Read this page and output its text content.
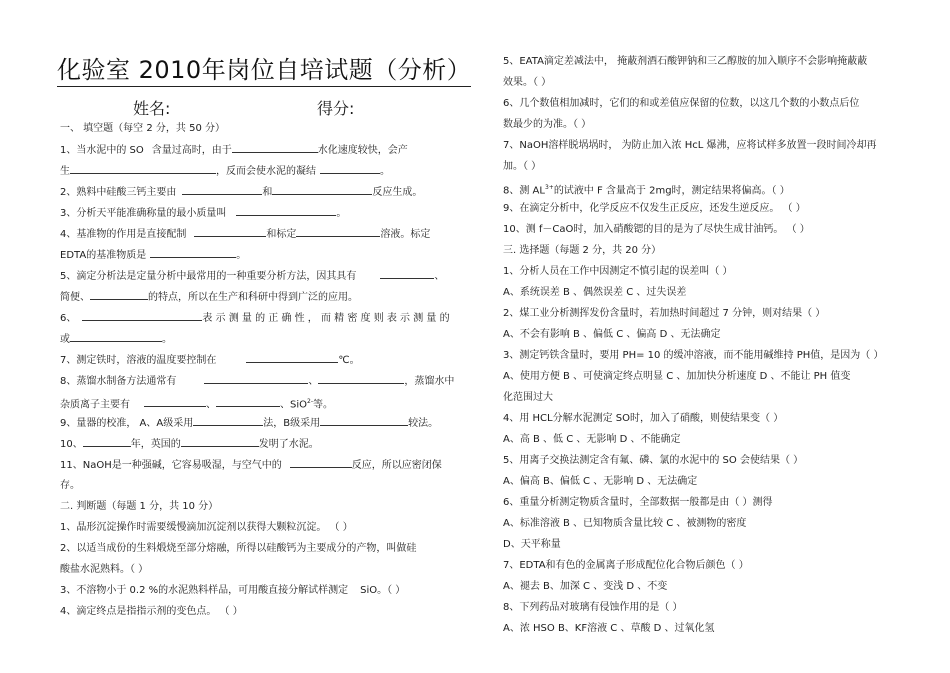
化验室 2010年岗位自培试题（分析）
姓名:	得分:
一、 填空题（每空 2 分，共 50 分）
1、当水泥中的 SO 含量过高时，由于	水化速度较快，会产
生	，反而会使水泥的凝结	。
2、熟料中硅酸三钙主要由	和	反应生成。
3、分析天平能准确称量的最小质量叫	。
4、基准物的作用是直接配制	和标定	溶液。标定
EDTA的基准物质是	。
5、滴定分析法是定量分析中最常用的一种重要分析方法，因其具有	、
简便、	的特点，所以在生产和科研中得到广泛的应用。
6、	表 示 测 量 的 正 确 性 ， 而 精 密 度 则 表 示 测 量 的
或	。
7、测定铁时，溶液的温度要控制在	℃。
8、蒸馏水制备方法通常有	、	，蒸馏水中
杂质离子主要有	、	、SiO$^{2-}$等。
9、量器的校准， A、A级采用	法，B级采用	较法。
10、	年，英国的	发明了水泥。
11、NaOH是一种强碱，它容易吸湿，与空气中的	反应，所以应密闭保
存。
二. 判断题（每题 1 分，共 10 分）
1、晶形沉淀操作时需要缓慢滴加沉淀剂以获得大颗粒沉淀。 （ ）
2、以适当成份的生料煅烧至部分熔融，所得以硅酸钙为主要成分的产物，叫做硅
酸盐水泥熟料。（ ）
3、不溶物小于 0.2 %的水泥熟料样品，可用酸直接分解试样测定 SiO。（ ）
4、滴定终点是指指示剂的变色点。 （ ）
5、EATA滴定差减法中， 掩蔽剂酒石酸钾钠和三乙醇胺的加入顺序不会影响掩蔽蔽
效果。（ ）
6、几个数值相加减时，它们的和或差值应保留的位数，以这几个数的小数点后位
数最少的为准。（ ）
7、NaOH溶样脱埚埚时， 为防止加入浓 HcL 爆沸，应将试样多放置一段时间冷却再
加。（ ）
8、测 $AL^{3+}$的试液中 F 含量高于 2mg时，测定结果将偏高。（ ）
9、在滴定分析中，化学反应不仅发生正反应，还发生逆反应。 （ ）
10、测 f－CaO时，加入硝酸锶的目的是为了尽快生成甘油钙。 （ ）
三. 选择题（每题 2 分，共 20 分）
1、分析人员在工作中因测定不慎引起的误差叫（ ）
A、系统误差 B 、偶然误差 C 、过失误差
2、煤工业分析测挥发份含量时，若加热时间超过 7 分钟，则对结果（ ）
A、不会有影响 B 、偏低 C 、偏高 D 、无法确定
3、测定钙铁含量时，要用 PH= 10 的缓冲溶液，而不能用碱维持 PH值，是因为（ ）
A、使用方便 B 、可使滴定终点明显 C 、加加快分析速度 D 、不能让 PH 值变
化范围过大
4、用 HCL分解水泥测定 SO时，加入了硝酸，则使结果变（ ）
A、高 B 、低 C 、无影响 D 、不能确定
5、用离子交换法测定含有氟、磷、氯的水泥中的 SO 会使结果（ ）
A、偏高 B、偏低 C 、无影响 D 、无法确定
6、重量分析测定物质含量时，全部数据一般都是由（ ）测得
A、标准溶液 B 、已知物质含量比较 C 、被测物的密度
D、天平称量
7、EDTA和有色的金属离子形成配位化合物后颜色（ ）
A、褪去 B、加深 C 、变浅 D 、不变
8、下列药品对玻璃有侵蚀作用的是（ ）
A、浓 HSO B、KF溶液 C 、草酸 D 、过氧化氢
